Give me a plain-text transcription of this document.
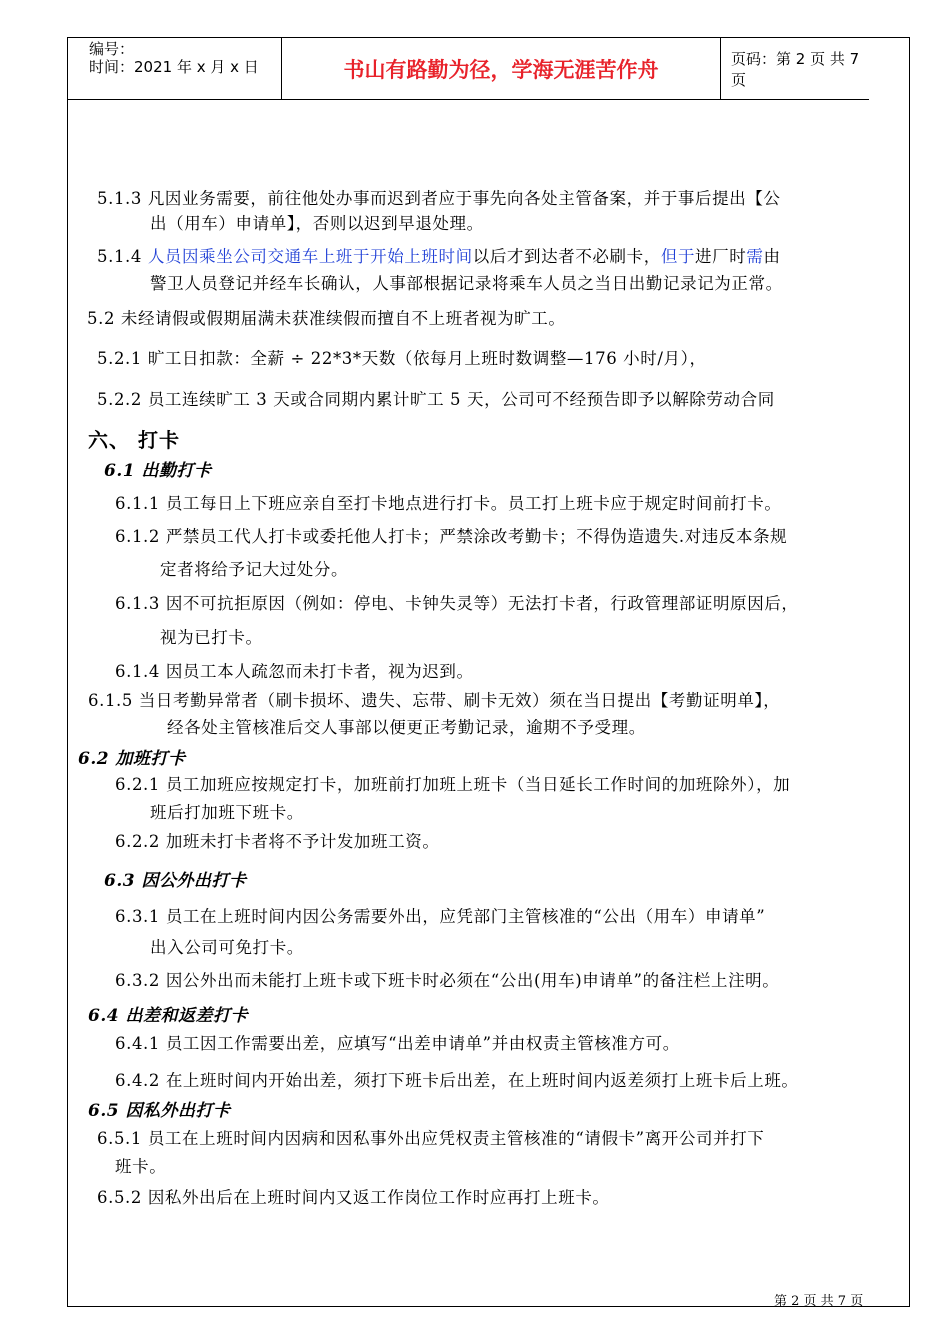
编号：
时间：2021 年 x 月 x 日	书山有路勤为径，学海无涯苦作舟	页码：第 2 页 共 7 页
5.1.3 凡因业务需要，前往他处办事而迟到者应于事先向各处主管备案，并于事后提出【公
出（用车）申请单】，否则以迟到早退处理。
5.1.4 人员因乘坐公司交通车上班于开始上班时间以后才到达者不必刷卡，但于进厂时需由
警卫人员登记并经车长确认，人事部根据记录将乘车人员之当日出勤记录记为正常。
5.2 未经请假或假期届满未获准续假而擅自不上班者视为旷工。
5.2.1 旷工日扣款：全薪 ÷ 22*3*天数（依每月上班时数调整—176 小时/月），
5.2.2 员工连续旷工 3 天或合同期内累计旷工 5 天，公司可不经预告即予以解除劳动合同
六、 打卡
6.1 出勤打卡
6.1.1 员工每日上下班应亲自至打卡地点进行打卡。员工打上班卡应于规定时间前打卡。
6.1.2 严禁员工代人打卡或委托他人打卡；严禁涂改考勤卡；不得伪造遗失.对违反本条规
定者将给予记大过处分。
6.1.3 因不可抗拒原因（例如：停电、卡钟失灵等）无法打卡者，行政管理部证明原因后，
视为已打卡。
6.1.4 因员工本人疏忽而未打卡者，视为迟到。
6.1.5 当日考勤异常者（刷卡损坏、遗失、忘带、刷卡无效）须在当日提出【考勤证明单】，
经各处主管核准后交人事部以便更正考勤记录，逾期不予受理。
6.2 加班打卡
6.2.1 员工加班应按规定打卡，加班前打加班上班卡（当日延长工作时间的加班除外），加
班后打加班下班卡。
6.2.2 加班未打卡者将不予计发加班工资。
6.3 因公外出打卡
6.3.1 员工在上班时间内因公务需要外出，应凭部门主管核准的“公出（用车）申请单”
出入公司可免打卡。
6.3.2 因公外出而未能打上班卡或下班卡时必须在“公出(用车)申请单”的备注栏上注明。
6.4 出差和返差打卡
6.4.1 员工因工作需要出差，应填写“出差申请单”并由权责主管核准方可。
6.4.2 在上班时间内开始出差，须打下班卡后出差，在上班时间内返差须打上班卡后上班。
6.5 因私外出打卡
6.5.1 员工在上班时间内因病和因私事外出应凭权责主管核准的“请假卡”离开公司并打下
班卡。
6.5.2 因私外出后在上班时间内又返工作岗位工作时应再打上班卡。
第 2 页 共 7 页
